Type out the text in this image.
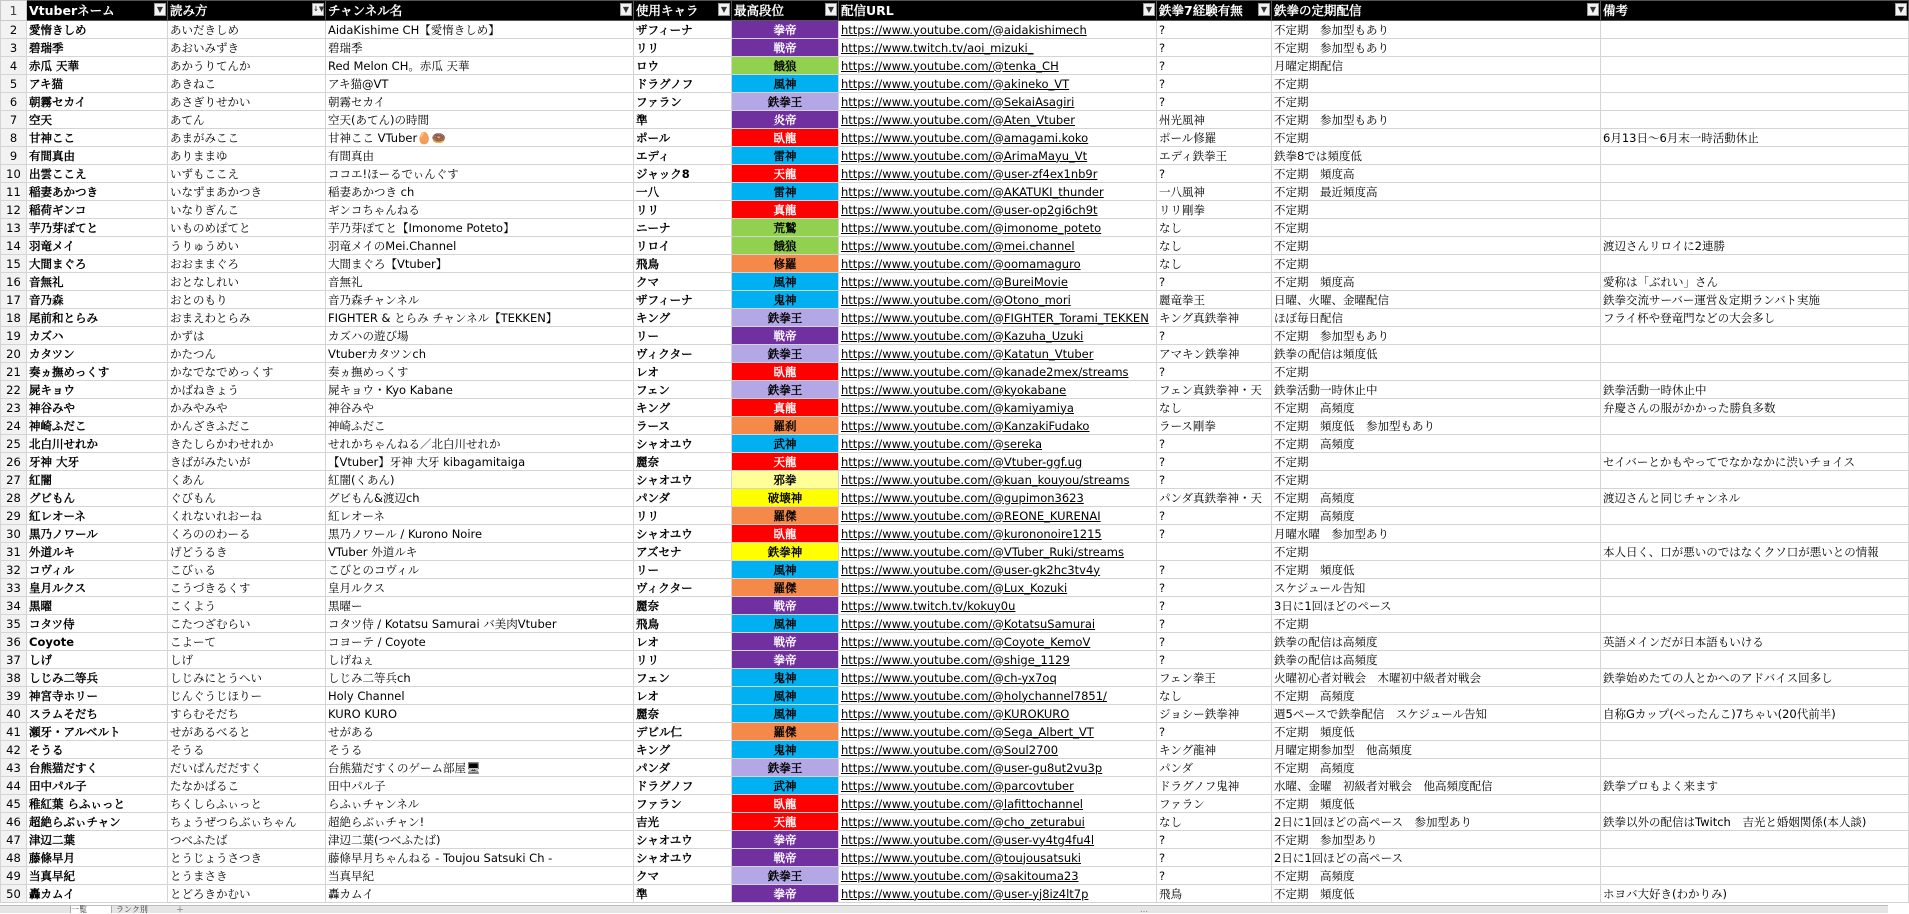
1	Vtuberネーム ▼	読み方 ↓▼	チャンネル名 ▼	使用キャラ ▼	最高段位 ▼	配信URL ▼	鉄拳7経験有無 ▼	鉄拳の定期配信 ▼	備考 ▼

2	愛惰きしめ	あいだきしめ	AidaKishime CH【愛惰きしめ】	ザフィーナ	拳帝	https://www.youtube.com/@aidakishimech	?	不定期　参加型もあり	
3	碧瑞季	あおいみずき	碧瑞季	リリ	戦帝	https://www.twitch.tv/aoi_mizuki_	?	不定期　参加型もあり	
4	赤瓜 天華	あかうりてんか	Red Melon CH。赤瓜 天華	ロウ	餓狼	https://www.youtube.com/@tenka_CH	?	月曜定期配信	
5	アキ猫	あきねこ	アキ猫@VT	ドラグノフ	風神	https://www.youtube.com/@akineko_VT	?	不定期	
6	朝霧セカイ	あさぎりせかい	朝霧セカイ	ファラン	鉄拳王	https://www.youtube.com/@SekaiAsagiri	?	不定期	
7	空天	あてん	空天(あてん)の時間	準	炎帝	https://www.youtube.com/@Aten_Vtuber	州光風神	不定期　参加型もあり	
8	甘神ここ	あまがみここ	甘神ここ VTuber🥚🍩	ポール	臥龍	https://www.youtube.com/@amagami.koko	ポール修羅	不定期	6月13日～6月末一時活動休止
9	有間真由	ありままゆ	有間真由	エディ	雷神	https://www.youtube.com/@ArimaMayu_Vt	エディ鉄拳王	鉄拳8では頻度低	
10	出雲ここえ	いずもここえ	ココエ!ほーるでぃんぐす	ジャック8	天龍	https://www.youtube.com/@user-zf4ex1nb9r	?	不定期　頻度高	
11	稲妻あかつき	いなずまあかつき	稲妻あかつき ch	一八	雷神	https://www.youtube.com/@AKATUKI_thunder	一八風神	不定期　最近頻度高	
12	稲荷ギンコ	いなりぎんこ	ギンコちゃんねる	リリ	真龍	https://www.youtube.com/@user-op2gi6ch9t	リリ剛拳	不定期	
13	芋乃芽ぽてと	いものめぽてと	芋乃芽ぽてと【Imonome Poteto】	ニーナ	荒鷲	https://www.youtube.com/@imonome_poteto	なし	不定期	
14	羽竜メイ	うりゅうめい	羽竜メイのMei.Channel	リロイ	餓狼	https://www.youtube.com/@mei.channel	なし	不定期	渡辺さんリロイに2連勝
15	大間まぐろ	おおままぐろ	大間まぐろ【Vtuber】	飛鳥	修羅	https://www.youtube.com/@oomamaguro	なし	不定期	
16	音無礼	おとなしれい	音無礼	クマ	風神	https://www.youtube.com/@BureiMovie	?	不定期　頻度高	愛称は「ぶれい」さん
17	音乃森	おとのもり	音乃森チャンネル	ザフィーナ	鬼神	https://www.youtube.com/@Otono_mori	麗竜拳王	日曜、火曜、金曜配信	鉄拳交流サーバー運営＆定期ランバト実施
18	尾前和とらみ	おまえわとらみ	FIGHTER & とらみ チャンネル【TEKKEN】	キング	鉄拳王	https://www.youtube.com/@FIGHTER_Torami_TEKKEN	キング真鉄拳神	ほぼ毎日配信	フライ杯や登竜門などの大会多し
19	カズハ	かずは	カズハの遊び場	リー	戦帝	https://www.youtube.com/@Kazuha_Uzuki	?	不定期　参加型もあり	
20	カタツン	かたつん	Vtuberカタツンch	ヴィクター	鉄拳王	https://www.youtube.com/@Katatun_Vtuber	アマキン鉄拳神	鉄拳の配信は頻度低	
21	奏ヵ撫めっくす	かなでなでめっくす	奏ヵ撫めっくす	レオ	臥龍	https://www.youtube.com/@kanade2mex/streams	?	不定期	
22	屍キョウ	かばねきょう	屍キョウ・Kyo Kabane	フェン	鉄拳王	https://www.youtube.com/@kyokabane	フェン真鉄拳神・天	鉄拳活動一時休止中	鉄拳活動一時休止中
23	神谷みや	かみやみや	神谷みや	キング	真龍	https://www.youtube.com/@kamiyamiya	なし	不定期　高頻度	弁慶さんの服がかかった勝負多数
24	神崎ふだこ	かんざきふだこ	神崎ふだこ	ラース	羅刹	https://www.youtube.com/@KanzakiFudako	ラース剛拳	不定期　頻度低　参加型もあり	
25	北白川せれか	きたしらかわせれか	せれかちゃんねる／北白川せれか	シャオユウ	武神	https://www.youtube.com/@sereka	?	不定期　高頻度	
26	牙神 大牙	きばがみたいが	【Vtuber】牙神 大牙 kibagamitaiga	麗奈	天龍	https://www.youtube.com/@Vtuber-ggf.ug	?	不定期	セイバーとかもやってでなかなかに渋いチョイス
27	紅闇	くあん	紅闇(くあん)	シャオユウ	邪拳	https://www.youtube.com/@kuan_kouyou/streams	?	不定期	
28	グビもん	ぐびもん	グビもん&渡辺ch	パンダ	破壊神	https://www.youtube.com/@gupimon3623	パンダ真鉄拳神・天	不定期　高頻度	渡辺さんと同じチャンネル
29	紅レオーネ	くれないれおーね	紅レオーネ	リリ	羅傑	https://www.youtube.com/@REONE_KURENAI	?	不定期　高頻度	
30	黒乃ノワール	くろののわーる	黒乃ノワール / Kurono Noire	シャオユウ	臥龍	https://www.youtube.com/@kurononoire1215	?	月曜水曜　参加型あり	
31	外道ルキ	げどうるき	VTuber 外道ルキ	アズセナ	鉄拳神	https://www.youtube.com/@VTuber_Ruki/streams		不定期	本人日く、口が悪いのではなくクソ口が悪いとの情報
32	コヴィル	こびぃる	こびとのコヴィル	リー	風神	https://www.youtube.com/@user-gk2hc3tv4y	?	不定期　頻度低	
33	皇月ルクス	こうづきるくす	皇月ルクス	ヴィクター	羅傑	https://www.youtube.com/@Lux_Kozuki	?	スケジュール告知	
34	黒曜	こくよう	黒曜ー	麗奈	戦帝	https://www.twitch.tv/kokuy0u	?	3日に1回ほどのペース	
35	コタツ侍	こたつざむらい	コタツ侍 / Kotatsu Samurai バ美肉Vtuber	飛鳥	風神	https://www.youtube.com/@KotatsuSamurai	?	不定期	
36	Coyote	こよーて	コヨーテ / Coyote	レオ	戦帝	https://www.youtube.com/@Coyote_KemoV	?	鉄拳の配信は高頻度	英語メインだが日本語もいける
37	しげ	しげ	しげねぇ	リリ	拳帝	https://www.youtube.com/@shige_1129	?	鉄拳の配信は高頻度	
38	しじみ二等兵	しじみにとうへい	しじみ二等兵ch	フェン	鬼神	https://www.youtube.com/@ch-yx7oq	フェン拳王	火曜初心者対戦会　木曜初中級者対戦会	鉄拳始めたての人とかへのアドバイス回多し
39	神宮寺ホリー	じんぐうじほりー	Holy Channel	レオ	風神	https://www.youtube.com/@holychannel7851/	なし	不定期　高頻度	
40	スラムそだち	すらむそだち	KURO KURO	麗奈	風神	https://www.youtube.com/@KUROKURO	ジョシー鉄拳神	週5ペースで鉄拳配信　スケジュール告知	自称Gカップ(ぺったんこ)7ちゃい(20代前半)
41	瀬牙・アルベルト	せがあるべると	せがある	デビル仁	羅傑	https://www.youtube.com/@Sega_Albert_VT	?	不定期　頻度低	
42	そうる	そうる	そうる	キング	鬼神	https://www.youtube.com/@Soul2700	キング龍神	月曜定期参加型　他高頻度	
43	台熊猫だすく	だいぱんだだすく	台熊猫だすくのゲーム部屋🖥	パンダ	鉄拳王	https://www.youtube.com/@user-gu8ut2vu3p	パンダ	不定期　高頻度	
44	田中パル子	たなかぱるこ	田中パル子	ドラグノフ	武神	https://www.youtube.com/@parcovtuber	ドラグノフ鬼神	水曜、金曜　初級者対戦会　他高頻度配信	鉄拳プロもよく来ます
45	稚紅葉 らふぃっと	ちくしらふぃっと	らふぃチャンネル	ファラン	臥龍	https://www.youtube.com/@lafittochannel	ファラン	不定期　頻度低	
46	超絶らぶぃチャン	ちょうぜつらぶぃちゃん	超絶らぶぃチャン!	吉光	天龍	https://www.youtube.com/@cho_zeturabui	なし	2日に1回ほどの高ペース　参加型あり	鉄拳以外の配信はTwitch　吉光と婚姻関係(本人談)
47	津辺二葉	つべふたば	津辺二葉(つべふたば)	シャオユウ	拳帝	https://www.youtube.com/@user-vy4tg4fu4l	?	不定期　参加型あり	
48	藤條早月	とうじょうさつき	藤條早月ちゃんねる - Toujou Satsuki Ch -	シャオユウ	戦帝	https://www.youtube.com/@toujousatsuki	?	2日に1回ほどの高ペース	
49	当真早紀	とうまさき	当真早紀	クマ	鉄拳王	https://www.youtube.com/@sakitouma23	?	不定期　高頻度	
50	轟カムイ	とどろきかむい	轟カムイ	準	拳帝	https://www.youtube.com/@user-yj8iz4lt7p	飛鳥	不定期　頻度低	ホヨバ大好き(わかりみ)
一覧	ランク別	＋	…
